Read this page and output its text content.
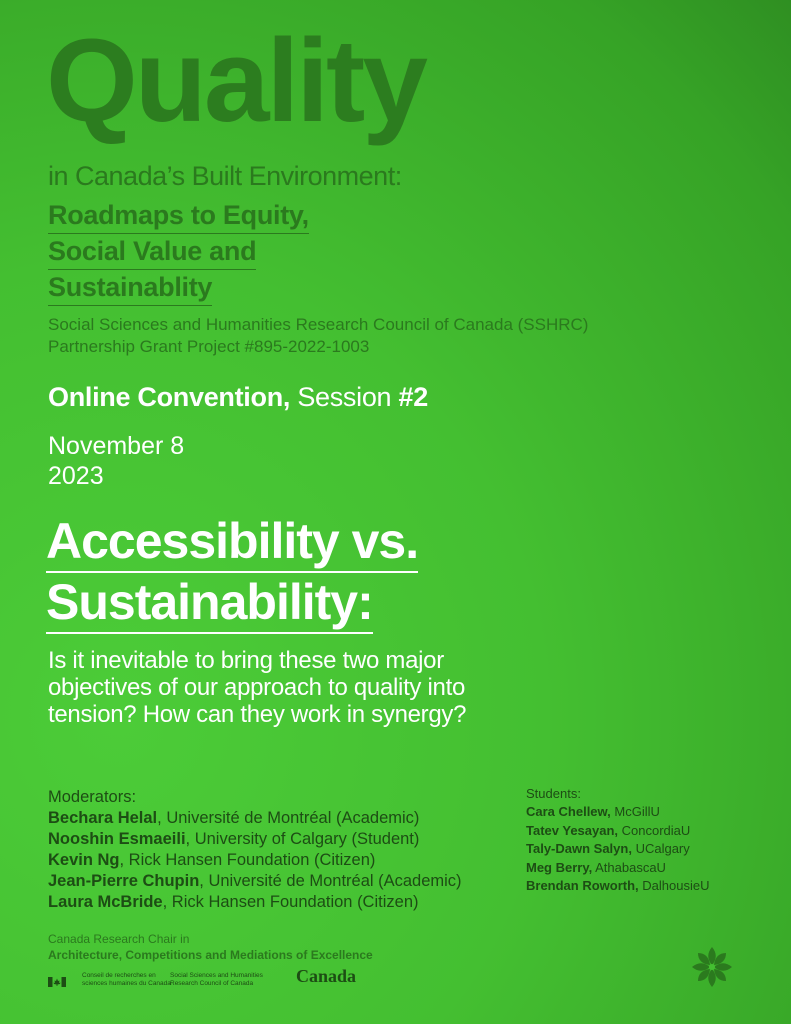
Quality
in Canada’s Built Environment:
Roadmaps to Equity,
Social Value and
Sustainablity
Social Sciences and Humanities Research Council of Canada (SSHRC)
Partnership Grant Project #895-2022-1003
Online Convention, Session #2
November 8
2023
Accessibility vs.
Sustainability:
Is it inevitable to bring these two major
objectives of our approach to quality into
tension? How can they work in synergy?
Moderators:
Bechara Helal, Université de Montréal (Academic)
Nooshin Esmaeili, University of Calgary (Student)
Kevin Ng, Rick Hansen Foundation (Citizen)
Jean-Pierre Chupin, Université de Montréal (Academic)
Laura McBride, Rick Hansen Foundation (Citizen)
Students:
Cara Chellew, McGillU
Tatev Yesayan, ConcordiaU
Taly-Dawn Salyn, UCalgary
Meg Berry, AthabascaU
Brendan Roworth, DalhousieU
Canada Research Chair in
Architecture, Competitions and Mediations of Excellence
Conseil de recherches en
sciences humaines du Canada
Social Sciences and Humanities
Research Council of Canada	Canada
